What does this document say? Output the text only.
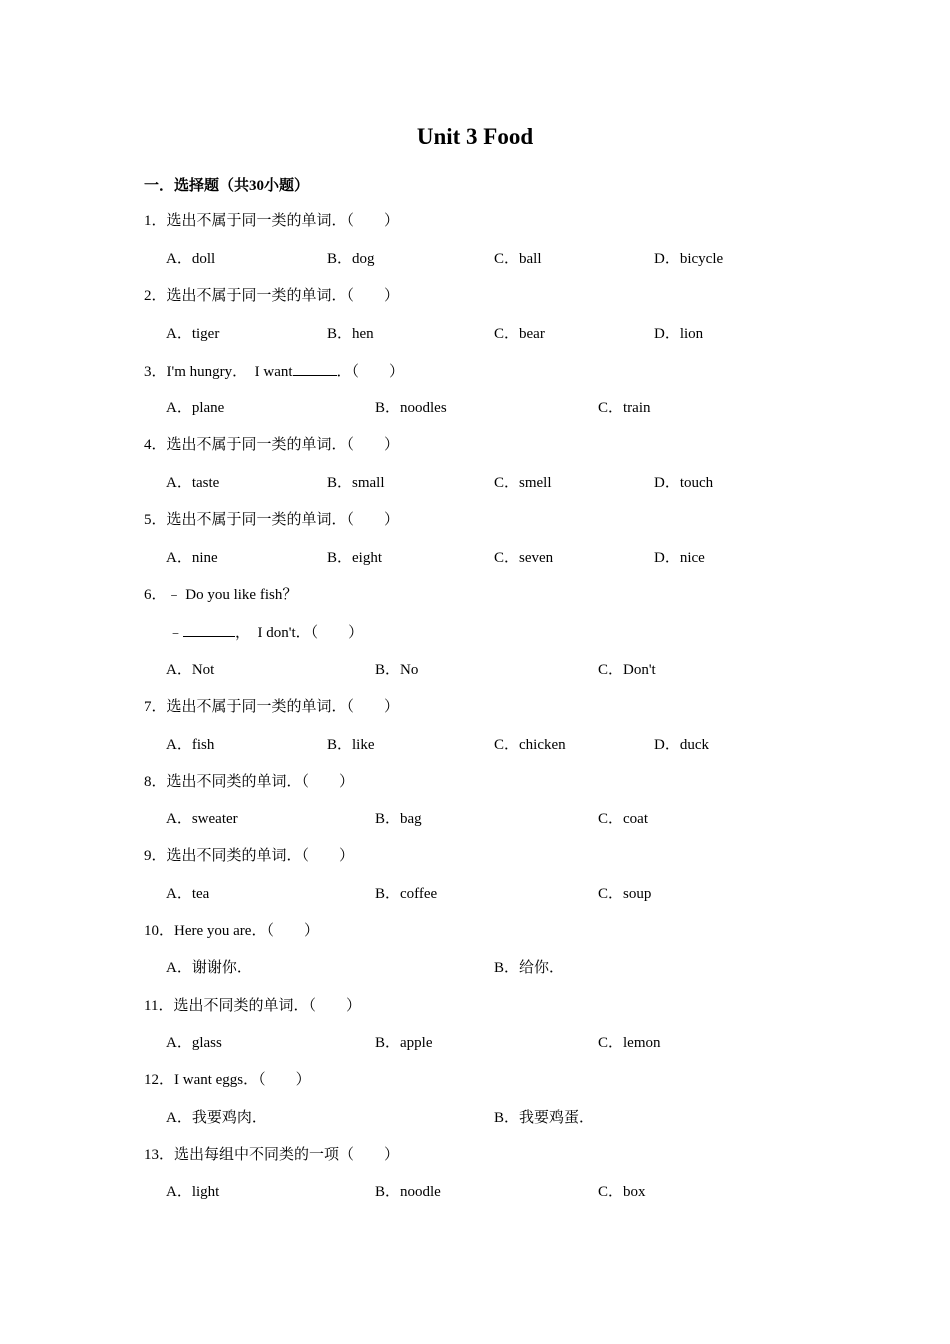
Unit 3 Food
一．选择题（共30小题）
1．选出不属于同一类的单词．（　　）
A．doll	B．dog	C．ball	D．bicycle
2．选出不属于同一类的单词．（　　）
A．tiger	B．hen	C．bear	D．lion
3．I'm hungry．　I want	．（　　）
A．plane	B．noodles	C．train
4．选出不属于同一类的单词．（　　）
A．taste	B．small	C．smell	D．touch
5．选出不属于同一类的单词．（　　）
A．nine	B．eight	C．seven	D．nice
6．﹣ Do you like fish？
﹣	，　I don't．（　　）
A．Not	B．No	C．Don't
7．选出不属于同一类的单词．（　　）
A．fish	B．like	C．chicken	D．duck
8．选出不同类的单词．（　　）
A．sweater	B．bag	C．coat
9．选出不同类的单词．（　　）
A．tea	B．coffee	C．soup
10．Here you are．（　　）
A．谢谢你．	B．给你．
11．选出不同类的单词．（　　）
A．glass	B．apple	C．lemon
12．I want eggs．（　　）
A．我要鸡肉．	B．我要鸡蛋．
13．选出每组中不同类的一项（　　）
A．light	B．noodle	C．box
